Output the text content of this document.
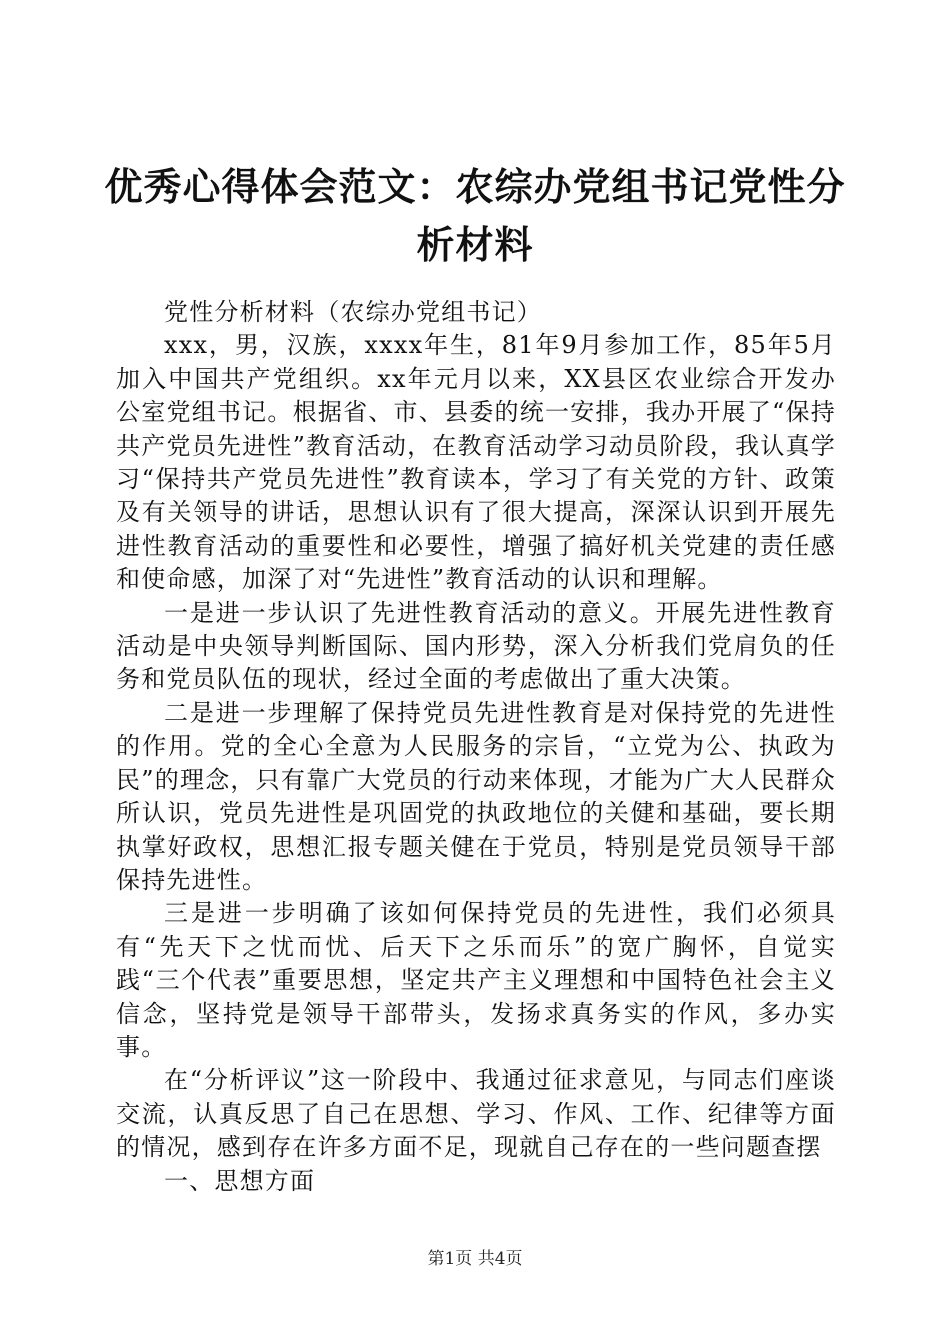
优秀心得体会范文：农综办党组书记党性分析材料

党性分析材料（农综办党组书记）

xxx，男，汉族，xxxx年生，81年9月参加工作，85年5月加入中国共产党组织。xx年元月以来，XX县区农业综合开发办公室党组书记。根据省、市、县委的统一安排，我办开展了“保持共产党员先进性”教育活动，在教育活动学习动员阶段，我认真学习“保持共产党员先进性”教育读本，学习了有关党的方针、政策及有关领导的讲话，思想认识有了很大提高，深深认识到开展先进性教育活动的重要性和必要性，增强了搞好机关党建的责任感和使命感，加深了对“先进性”教育活动的认识和理解。

一是进一步认识了先进性教育活动的意义。开展先进性教育活动是中央领导判断国际、国内形势，深入分析我们党肩负的任务和党员队伍的现状，经过全面的考虑做出了重大决策。

二是进一步理解了保持党员先进性教育是对保持党的先进性的作用。党的全心全意为人民服务的宗旨，“立党为公、执政为民”的理念，只有靠广大党员的行动来体现，才能为广大人民群众所认识，党员先进性是巩固党的执政地位的关健和基础，要长期执掌好政权，思想汇报专题关健在于党员，特别是党员领导干部保持先进性。

三是进一步明确了该如何保持党员的先进性，我们必须具有“先天下之忧而忧、后天下之乐而乐”的宽广胸怀，自觉实践“三个代表”重要思想，坚定共产主义理想和中国特色社会主义信念，坚持党是领导干部带头，发扬求真务实的作风，多办实事。

在“分析评议”这一阶段中、我通过征求意见，与同志们座谈交流，认真反思了自己在思想、学习、作风、工作、纪律等方面的情况，感到存在许多方面不足，现就自己存在的一些问题查摆

一、思想方面

第1页 共4页
